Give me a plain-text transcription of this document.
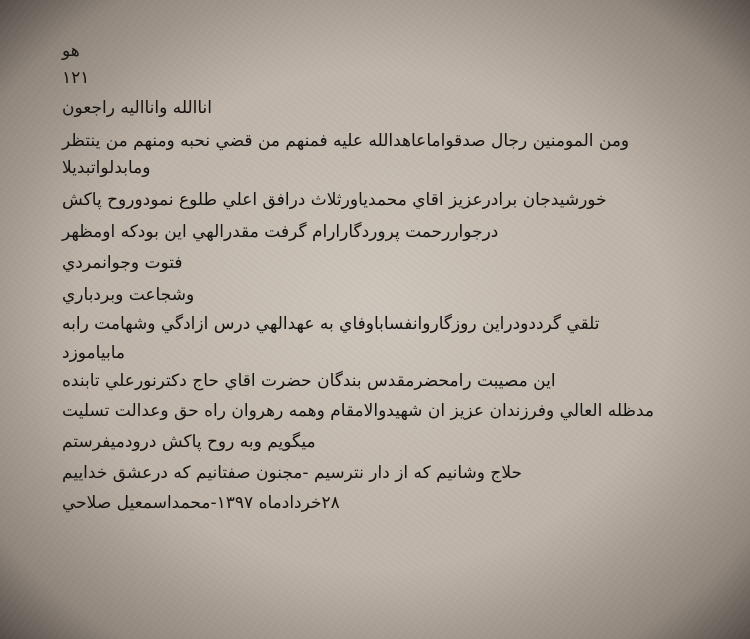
هو
۱۲۱
اناالله وانااليه راجعون
ومن المومنين رجال صدقواماعاهدالله عليه فمنهم من قضي نحبه ومنهم من ينتظر
ومابدلواتبديلا
خورشيدجان برادرعزيز اقاي محمدياورثلاث درافق اعلي طلوع نمودوروح پاكش
درجواررحمت پروردگارارام گرفت مقدرالهي اين بودكه اومظهر
فتوت وجوانمردي
وشجاعت وبردباري
تلقي گرددودراين روزگاروانفساباوفاي به عهدالهي درس ازادگي وشهامت رابه
مابياموزد
اين مصيبت رامحضرمقدس بندگان حضرت اقاي حاج دكترنورعلي تابنده
مدظله العالي وفرزندان عزيز ان شهيدوالامقام وهمه رهروان راه حق وعدالت تسليت
ميگويم وبه روح پاكش درودميفرستم
حلاج وشانيم كه از دار نترسيم -مجنون صفتانيم كه درعشق خداييم
۲۸خردادماه ۱۳۹۷-محمداسمعيل صلاحي
